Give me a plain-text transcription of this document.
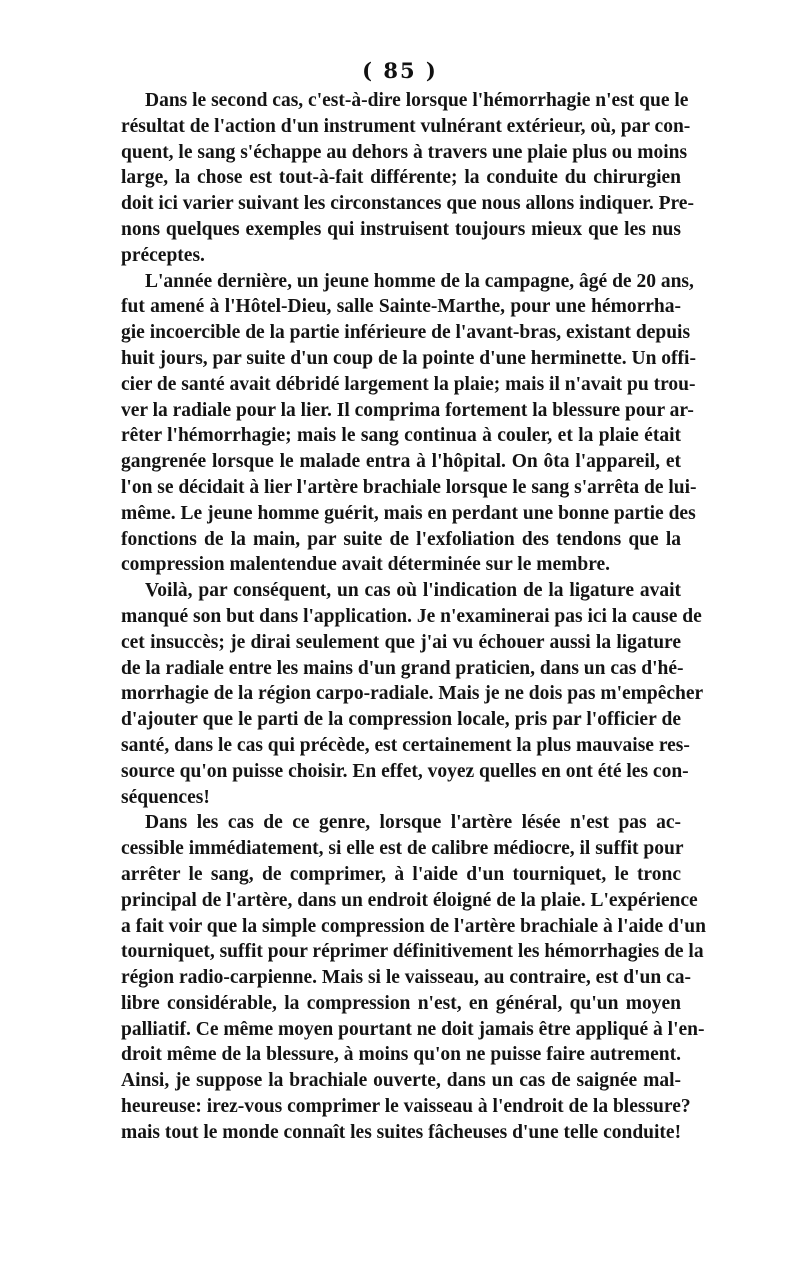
( 85 )
Dans le second cas, c'est-à-dire lorsque l'hémorrhagie n'est que le
résultat de l'action d'un instrument vulnérant extérieur, où, par con-
quent, le sang s'échappe au dehors à travers une plaie plus ou moins
large, la chose est tout-à-fait différente; la conduite du chirurgien
doit ici varier suivant les circonstances que nous allons indiquer. Pre-
nons quelques exemples qui instruisent toujours mieux que les nus
préceptes.
L'année dernière, un jeune homme de la campagne, âgé de 20 ans,
fut amené à l'Hôtel-Dieu, salle Sainte-Marthe, pour une hémorrha-
gie incoercible de la partie inférieure de l'avant-bras, existant depuis
huit jours, par suite d'un coup de la pointe d'une herminette. Un offi-
cier de santé avait débridé largement la plaie; mais il n'avait pu trou-
ver la radiale pour la lier. Il comprima fortement la blessure pour ar-
rêter l'hémorrhagie; mais le sang continua à couler, et la plaie était
gangrenée lorsque le malade entra à l'hôpital. On ôta l'appareil, et
l'on se décidait à lier l'artère brachiale lorsque le sang s'arrêta de lui-
même. Le jeune homme guérit, mais en perdant une bonne partie des
fonctions de la main, par suite de l'exfoliation des tendons que la
compression malentendue avait déterminée sur le membre.
Voilà, par conséquent, un cas où l'indication de la ligature avait
manqué son but dans l'application. Je n'examinerai pas ici la cause de
cet insuccès; je dirai seulement que j'ai vu échouer aussi la ligature
de la radiale entre les mains d'un grand praticien, dans un cas d'hé-
morrhagie de la région carpo-radiale. Mais je ne dois pas m'empêcher
d'ajouter que le parti de la compression locale, pris par l'officier de
santé, dans le cas qui précède, est certainement la plus mauvaise res-
source qu'on puisse choisir. En effet, voyez quelles en ont été les con-
séquences!
Dans les cas de ce genre, lorsque l'artère lésée n'est pas ac-
cessible immédiatement, si elle est de calibre médiocre, il suffit pour
arrêter le sang, de comprimer, à l'aide d'un tourniquet, le tronc
principal de l'artère, dans un endroit éloigné de la plaie. L'expérience
a fait voir que la simple compression de l'artère brachiale à l'aide d'un
tourniquet, suffit pour réprimer définitivement les hémorrhagies de la
région radio-carpienne. Mais si le vaisseau, au contraire, est d'un ca-
libre considérable, la compression n'est, en général, qu'un moyen
palliatif. Ce même moyen pourtant ne doit jamais être appliqué à l'en-
droit même de la blessure, à moins qu'on ne puisse faire autrement.
Ainsi, je suppose la brachiale ouverte, dans un cas de saignée mal-
heureuse: irez-vous comprimer le vaisseau à l'endroit de la blessure?
mais tout le monde connaît les suites fâcheuses d'une telle conduite!
